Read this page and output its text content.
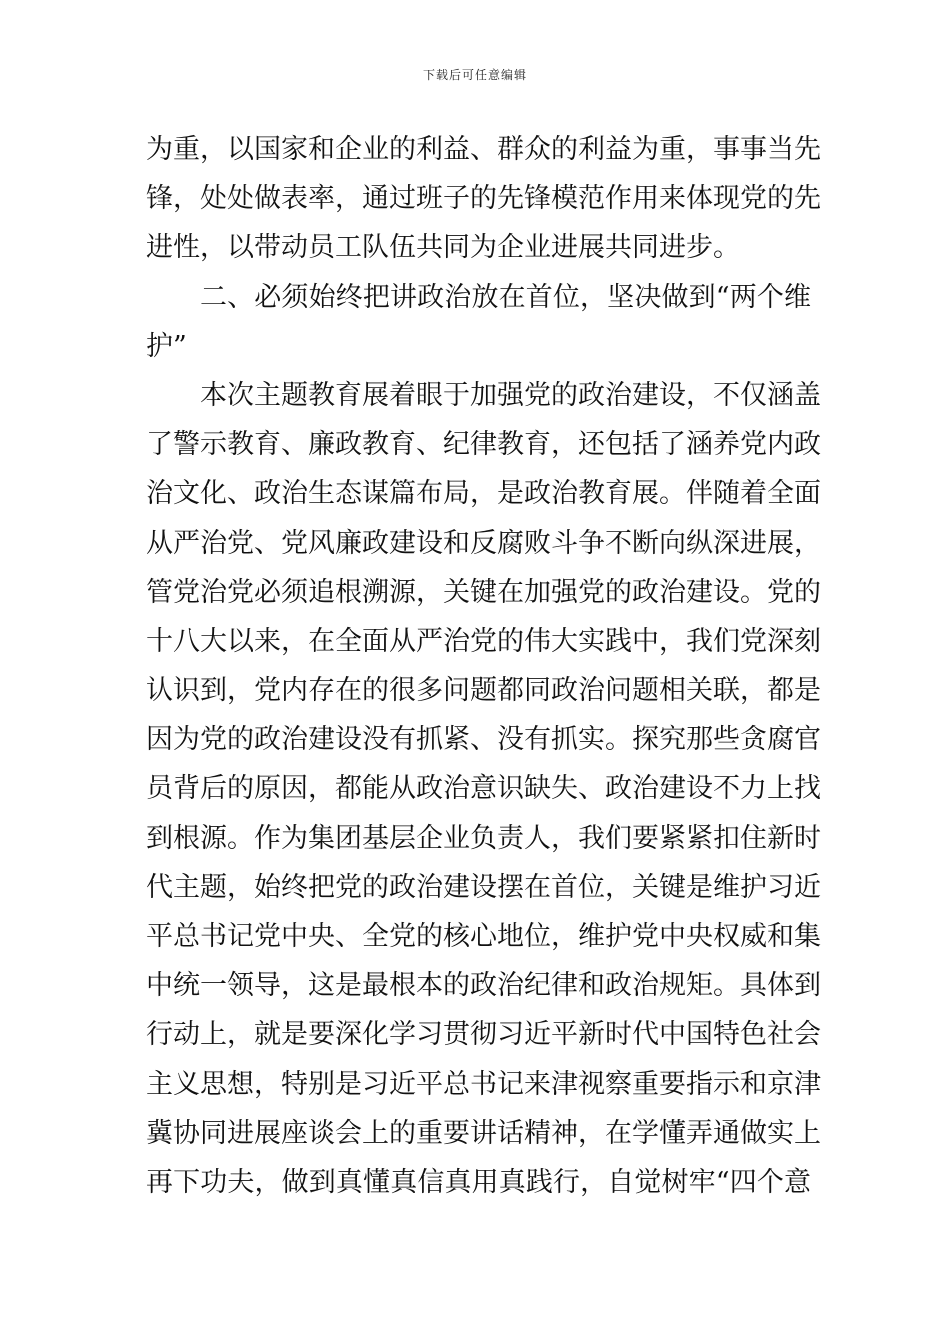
下载后可任意编辑
为重，以国家和企业的利益、群众的利益为重，事事当先
锋，处处做表率，通过班子的先锋模范作用来体现党的先
进性，以带动员工队伍共同为企业进展共同进步。
二、必须始终把讲政治放在首位，坚决做到“两个维
护”
本次主题教育展着眼于加强党的政治建设，不仅涵盖
了警示教育、廉政教育、纪律教育，还包括了涵养党内政
治文化、政治生态谋篇布局，是政治教育展。伴随着全面
从严治党、党风廉政建设和反腐败斗争不断向纵深进展，
管党治党必须追根溯源，关键在加强党的政治建设。党的
十八大以来，在全面从严治党的伟大实践中，我们党深刻
认识到，党内存在的很多问题都同政治问题相关联，都是
因为党的政治建设没有抓紧、没有抓实。探究那些贪腐官
员背后的原因，都能从政治意识缺失、政治建设不力上找
到根源。作为集团基层企业负责人，我们要紧紧扣住新时
代主题，始终把党的政治建设摆在首位，关键是维护习近
平总书记党中央、全党的核心地位，维护党中央权威和集
中统一领导，这是最根本的政治纪律和政治规矩。具体到
行动上，就是要深化学习贯彻习近平新时代中国特色社会
主义思想，特别是习近平总书记来津视察重要指示和京津
冀协同进展座谈会上的重要讲话精神，在学懂弄通做实上
再下功夫，做到真懂真信真用真践行，自觉树牢“四个意
